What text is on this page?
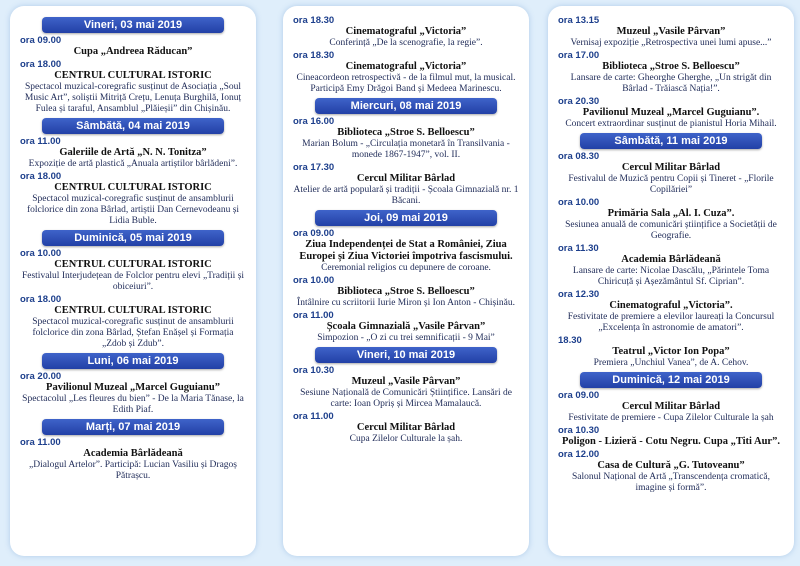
Vineri, 03 mai 2019
ora 09.00
Cupa „Andreea Răducan”
ora 18.00
CENTRUL CULTURAL ISTORIC
Spectacol muzical-coregrafic susținut de Asociația „Soul Music Art”, soliștii Mitriță Crețu, Lenuța Burghilă, Ionuț Fulea și taraful, Ansamblul „Plăieșii” din Chișinău.
Sâmbătă, 04 mai 2019
ora 11.00
Galeriile de Artă „N. N. Tonitza”
Expoziție de artă plastică „Anuala artiștilor bârlădeni”.
ora 18.00
CENTRUL CULTURAL ISTORIC
Spectacol muzical-coregrafic susținut de ansamblurii folclorice din zona Bârlad, artiștii Dan Cernevodeanu și Lidia Buble.
Duminică, 05 mai 2019
ora 10.00
CENTRUL CULTURAL ISTORIC
Festivalul Interjudețean de Folclor pentru elevi „Tradiții și obiceiuri”.
ora 18.00
CENTRUL CULTURAL ISTORIC
Spectacol muzical-coregrafic susținut de ansamblurii folclorice din zona Bârlad, Ștefan Enășel și Formația „Zdob și Zdub”.
Luni, 06 mai 2019
ora 20.00
Pavilionul Muzeal „Marcel Guguianu”
Spectacolul „Les fleures du bien” - De la Maria Tănase, la Edith Piaf.
Marți, 07 mai 2019
ora 11.00
Academia Bârlădeană
„Dialogul Artelor”. Participă: Lucian Vasiliu și Dragoș Pătrașcu.
ora 18.30
Cinematograful „Victoria”
Conferință „De la scenografie, la regie”.
ora 18.30
Cinematograful „Victoria”
Cineacordeon retrospectivă - de la filmul mut, la musical. Participă Emy Drăgoi Band și Medeea Marinescu.
Miercuri, 08 mai 2019
ora 16.00
Biblioteca „Stroe S. Belloescu”
Marian Bolum - „Circulația monetară în Transilvania - monede 1867-1947”, vol. II.
ora 17.30
Cercul Militar Bârlad
Atelier de artă populară și tradiții - Școala Gimnazială nr. 1 Băcani.
Joi, 09 mai 2019
ora 09.00
Ziua Independenței de Stat a României, Ziua Europei și Ziua Victoriei împotriva fascismului.
Ceremonial religios cu depunere de coroane.
ora 10.00
Biblioteca „Stroe S. Belloescu”
Întâlnire cu scriitorii Iurie Miron și Ion Anton - Chișinău.
ora 11.00
Școala Gimnazială „Vasile Pârvan”
Simpozion - „O zi cu trei semnificații - 9 Mai”
Vineri, 10 mai 2019
ora 10.30
Muzeul „Vasile Pârvan”
Sesiune Națională de Comunicări Științifice. Lansări de carte: Ioan Opriș și Mircea Mamalaucă.
ora 11.00
Cercul Militar Bârlad
Cupa Zilelor Culturale la șah.
ora 13.15
Muzeul „Vasile Pârvan”
Vernisaj expoziție „Retrospectiva unei lumi apuse...”
ora 17.00
Biblioteca „Stroe S. Belloescu”
Lansare de carte: Gheorghe Gherghe, „Un strigăt din Bârlad - Trăiască Nația!”.
ora 20.30
Pavilionul Muzeal „Marcel Guguianu”.
Concert extraordinar susținut de pianistul Horia Mihail.
Sâmbătă, 11 mai 2019
ora 08.30
Cercul Militar Bârlad
Festivalul de Muzică pentru Copii și Tineret - „Florile Copilăriei”
ora 10.00
Primăria Sala „Al. I. Cuza”.
Sesiunea anuală de comunicări științifice a Societății de Geografie.
ora 11.30
Academia Bârlădeană
Lansare de carte: Nicolae Dascălu, „Părintele Toma Chiricuță și Așezământul Sf. Ciprian”.
ora 12.30
Cinematograful „Victoria”.
Festivitate de premiere a elevilor laureați la Concursul „Excelența în astronomie de amatori”.
18.30
Teatrul „Victor Ion Popa”
Premiera „Unchiul Vanea”, de A. Cehov.
Duminică, 12 mai 2019
ora 09.00
Cercul Militar Bârlad
Festivitate de premiere - Cupa Zilelor Culturale la șah
ora 10.30
Poligon - Lizieră - Cotu Negru. Cupa „Titi Aur”.
ora 12.00
Casa de Cultură „G. Tutoveanu”
Salonul Național de Artă „Transcendența cromatică, imagine și formă”.
